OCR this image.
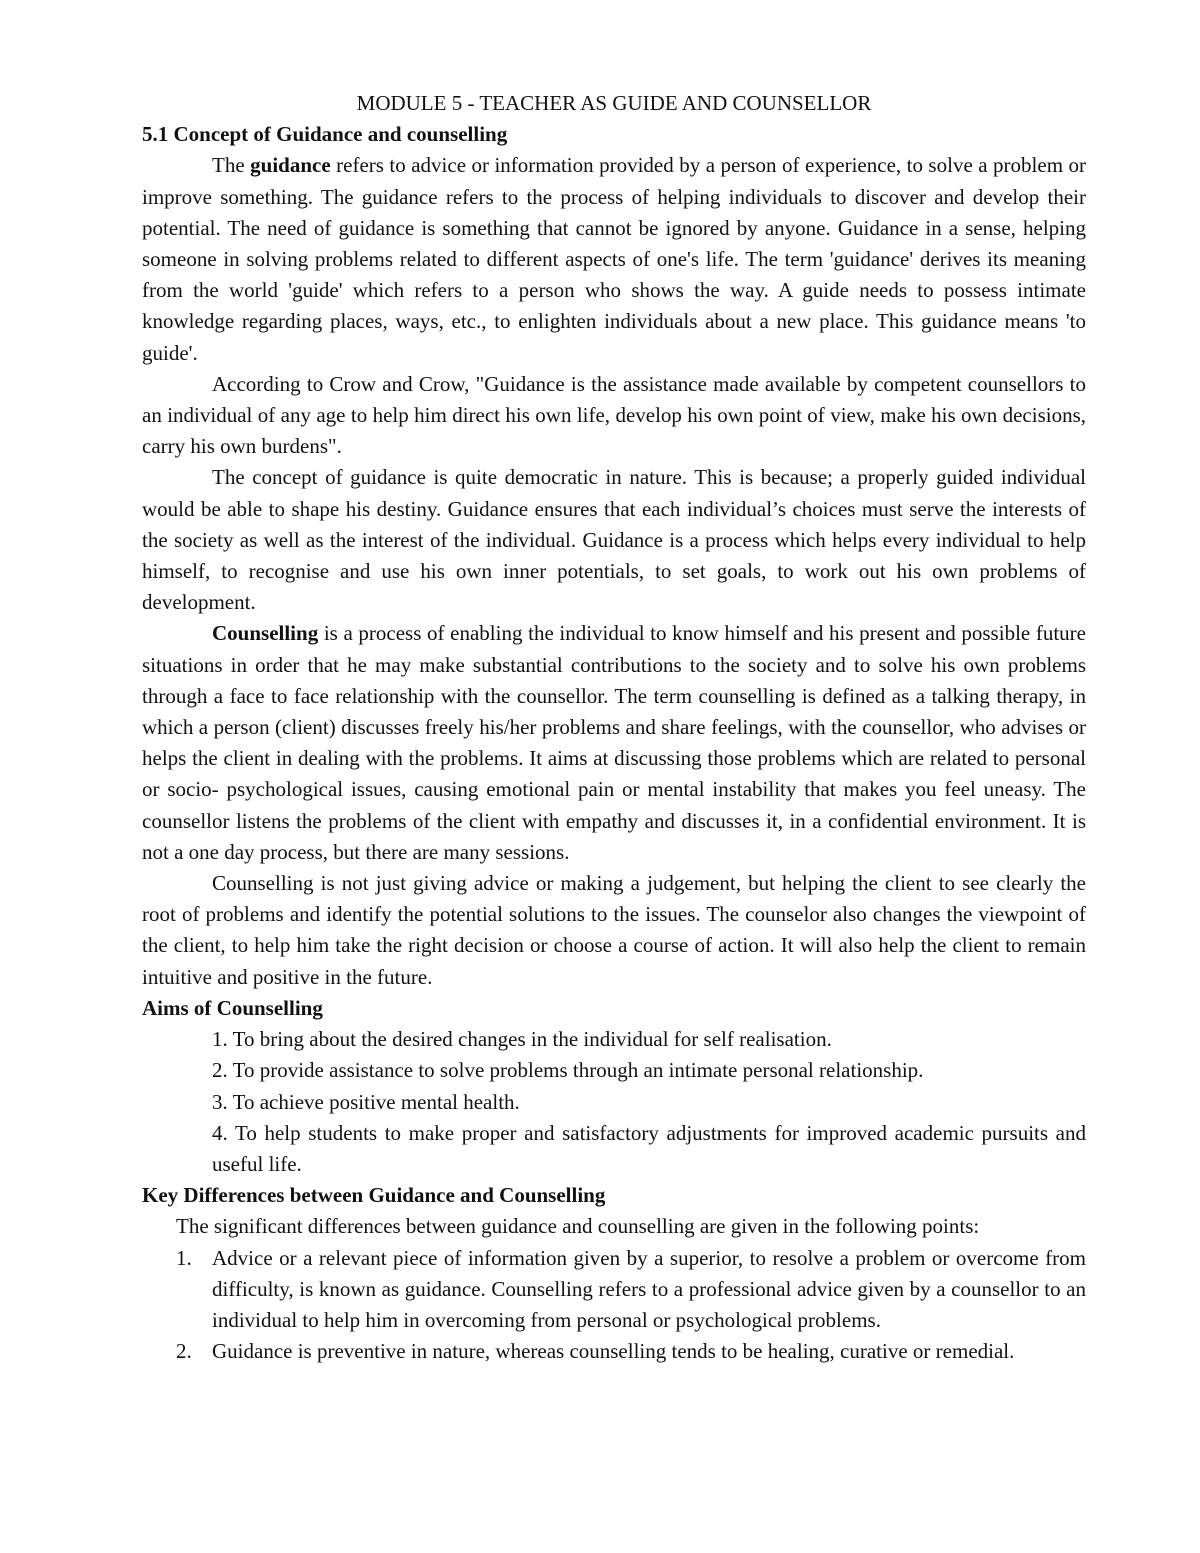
MODULE 5 - TEACHER AS GUIDE AND COUNSELLOR

5.1 Concept of Guidance and counselling

The guidance refers to advice or information provided by a person of experience, to solve a problem or improve something. The guidance refers to the process of helping individuals to discover and develop their potential. The need of guidance is something that cannot be ignored by anyone. Guidance in a sense, helping someone in solving problems related to different aspects of one's life. The term 'guidance' derives its meaning from the world 'guide' which refers to a person who shows the way. A guide needs to possess intimate knowledge regarding places, ways, etc., to enlighten individuals about a new place. This guidance means 'to guide'.

According to Crow and Crow, "Guidance is the assistance made available by competent counsellors to an individual of any age to help him direct his own life, develop his own point of view, make his own decisions, carry his own burdens".

The concept of guidance is quite democratic in nature. This is because; a properly guided individual would be able to shape his destiny. Guidance ensures that each individual’s choices must serve the interests of the society as well as the interest of the individual. Guidance is a process which helps every individual to help himself, to recognise and use his own inner potentials, to set goals, to work out his own problems of development.

Counselling is a process of enabling the individual to know himself and his present and possible future situations in order that he may make substantial contributions to the society and to solve his own problems through a face to face relationship with the counsellor. The term counselling is defined as a talking therapy, in which a person (client) discusses freely his/her problems and share feelings, with the counsellor, who advises or helps the client in dealing with the problems. It aims at discussing those problems which are related to personal or socio- psychological issues, causing emotional pain or mental instability that makes you feel uneasy. The counsellor listens the problems of the client with empathy and discusses it, in a confidential environment. It is not a one day process, but there are many sessions.

Counselling is not just giving advice or making a judgement, but helping the client to see clearly the root of problems and identify the potential solutions to the issues. The counselor also changes the viewpoint of the client, to help him take the right decision or choose a course of action. It will also help the client to remain intuitive and positive in the future.

Aims of Counselling

1. To bring about the desired changes in the individual for self realisation.
2. To provide assistance to solve problems through an intimate personal relationship.
3. To achieve positive mental health.
4. To help students to make proper and satisfactory adjustments for improved academic pursuits and useful life.

Key Differences between Guidance and Counselling

The significant differences between guidance and counselling are given in the following points:

1. Advice or a relevant piece of information given by a superior, to resolve a problem or overcome from difficulty, is known as guidance. Counselling refers to a professional advice given by a counsellor to an individual to help him in overcoming from personal or psychological problems.
2. Guidance is preventive in nature, whereas counselling tends to be healing, curative or remedial.
